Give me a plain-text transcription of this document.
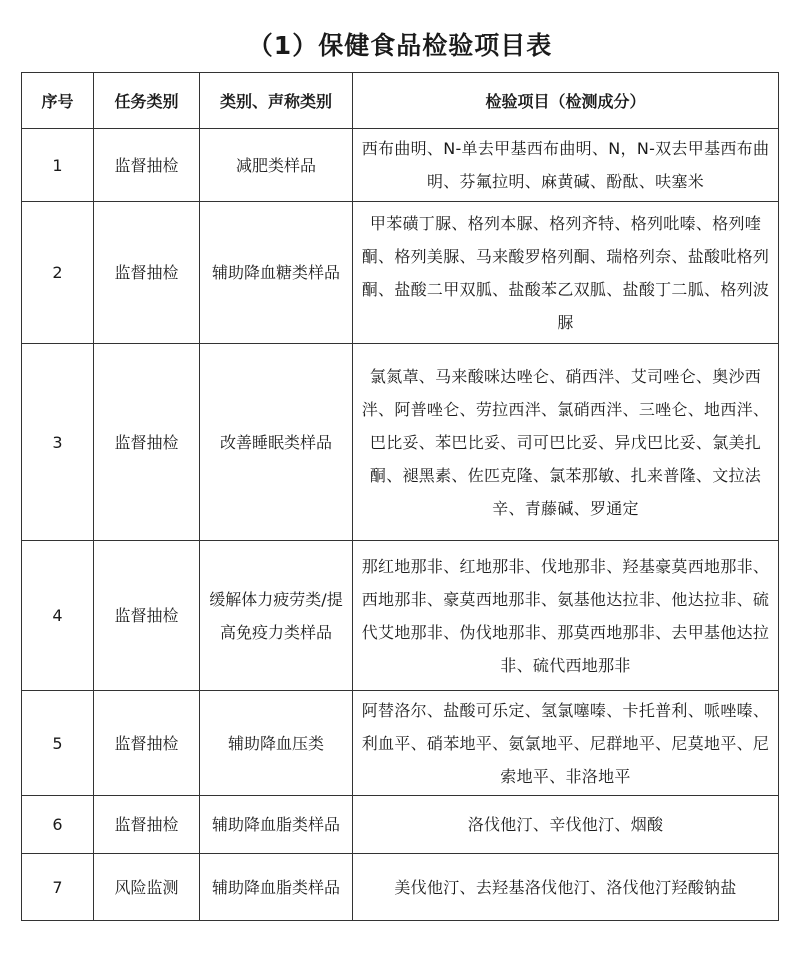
（1）保健食品检验项目表
序号	任务类别	类别、声称类别	检验项目（检测成分）
1	监督抽检	减肥类样品	西布曲明、N-单去甲基西布曲明、N，N-双去甲基西布曲明、芬氟拉明、麻黄碱、酚酞、呋塞米
2	监督抽检	辅助降血糖类样品	甲苯磺丁脲、格列本脲、格列齐特、格列吡嗪、格列喹酮、格列美脲、马来酸罗格列酮、瑞格列奈、盐酸吡格列酮、盐酸二甲双胍、盐酸苯乙双胍、盐酸丁二胍、格列波脲
3	监督抽检	改善睡眠类样品	氯氮䓬、马来酸咪达唑仑、硝西泮、艾司唑仑、奥沙西泮、阿普唑仑、劳拉西泮、氯硝西泮、三唑仑、地西泮、巴比妥、苯巴比妥、司可巴比妥、异戊巴比妥、氯美扎酮、褪黑素、佐匹克隆、氯苯那敏、扎来普隆、文拉法辛、青藤碱、罗通定
4	监督抽检	缓解体力疲劳类/提高免疫力类样品	那红地那非、红地那非、伐地那非、羟基豪莫西地那非、西地那非、豪莫西地那非、氨基他达拉非、他达拉非、硫代艾地那非、伪伐地那非、那莫西地那非、去甲基他达拉非、硫代西地那非
5	监督抽检	辅助降血压类	阿替洛尔、盐酸可乐定、氢氯噻嗪、卡托普利、哌唑嗪、利血平、硝苯地平、氨氯地平、尼群地平、尼莫地平、尼索地平、非洛地平
6	监督抽检	辅助降血脂类样品	洛伐他汀、辛伐他汀、烟酸
7	风险监测	辅助降血脂类样品	美伐他汀、去羟基洛伐他汀、洛伐他汀羟酸钠盐
